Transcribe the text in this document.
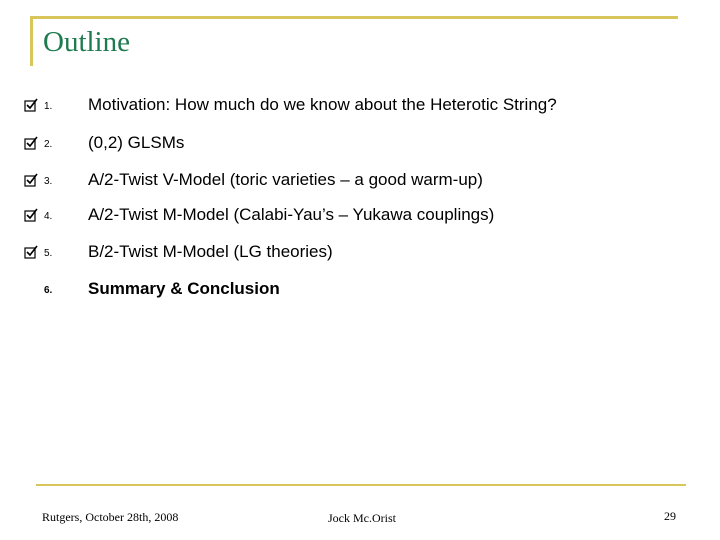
Outline
1. Motivation: How much do we know about the Heterotic String?
2. (0,2) GLSMs
3. A/2-Twist V-Model (toric varieties – a good warm-up)
4. A/2-Twist M-Model (Calabi-Yau’s – Yukawa couplings)
5. B/2-Twist M-Model (LG theories)
6. Summary & Conclusion
Rutgers, October 28th, 2008	Jock Mc.Orist	29
